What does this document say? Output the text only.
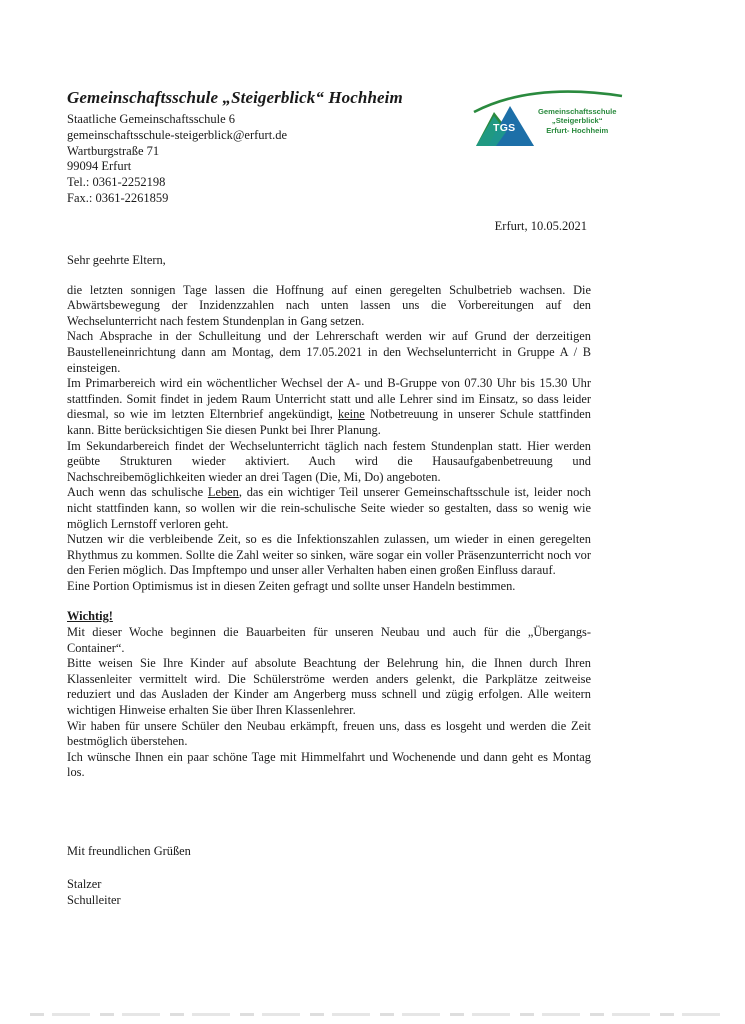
Gemeinschaftsschule „Steigerblick“ Hochheim
Staatliche Gemeinschaftsschule 6
gemeinschaftsschule-steigerblick@erfurt.de
Wartburgstraße 71
99094 Erfurt
Tel.: 0361-2252198
Fax.: 0361-2261859
TGS
Gemeinschaftsschule
„Steigerblick“
Erfurt- Hochheim
Erfurt, 10.05.2021

Sehr geehrte Eltern,

die letzten sonnigen Tage lassen die Hoffnung auf einen geregelten Schulbetrieb wachsen. Die Abwärtsbewegung der Inzidenzzahlen nach unten lassen uns die Vorbereitungen auf den Wechselunterricht nach festem Stundenplan in Gang setzen.

Nach Absprache in der Schulleitung und der Lehrerschaft werden wir auf Grund der derzeitigen Baustelleneinrichtung dann am Montag, dem 17.05.2021 in den Wechselunterricht in Gruppe A / B einsteigen.

Im Primarbereich wird ein wöchentlicher Wechsel der A- und B-Gruppe von 07.30 Uhr bis 15.30 Uhr stattfinden. Somit findet in jedem Raum Unterricht statt und alle Lehrer sind im Einsatz, so dass leider diesmal, so wie im letzten Elternbrief angekündigt, keine Notbetreuung in unserer Schule stattfinden kann. Bitte berücksichtigen Sie diesen Punkt bei Ihrer Planung.

Im Sekundarbereich findet der Wechselunterricht täglich nach festem Stundenplan statt. Hier werden geübte Strukturen wieder aktiviert. Auch wird die Hausaufgabenbetreuung und Nachschreibemöglichkeiten wieder an drei Tagen (Die, Mi, Do) angeboten.

Auch wenn das schulische Leben, das ein wichtiger Teil unserer Gemeinschaftsschule ist, leider noch nicht stattfinden kann, so wollen wir die rein-schulische Seite wieder so gestalten, dass so wenig wie möglich Lernstoff verloren geht.

Nutzen wir die verbleibende Zeit, so es die Infektionszahlen zulassen, um wieder in einen geregelten Rhythmus zu kommen. Sollte die Zahl weiter so sinken, wäre sogar ein voller Präsenzunterricht noch vor den Ferien möglich. Das Impftempo und unser aller Verhalten haben einen großen Einfluss darauf.

Eine Portion Optimismus ist in diesen Zeiten gefragt und sollte unser Handeln bestimmen.

Wichtig!

Mit dieser Woche beginnen die Bauarbeiten für unseren Neubau und auch für die „Übergangs-Container“.

Bitte weisen Sie Ihre Kinder auf absolute Beachtung der Belehrung hin, die Ihnen durch Ihren Klassenleiter vermittelt wird. Die Schülerströme werden anders gelenkt, die Parkplätze zeitweise reduziert und das Ausladen der Kinder am Angerberg muss schnell und zügig erfolgen. Alle weitern wichtigen Hinweise erhalten Sie über Ihren Klassenlehrer.

Wir haben für unsere Schüler den Neubau erkämpft, freuen uns, dass es losgeht und werden die Zeit bestmöglich überstehen.

Ich wünsche Ihnen ein paar schöne Tage mit Himmelfahrt und Wochenende und dann geht es Montag los.

Mit freundlichen Grüßen
Stalzer
Schulleiter
